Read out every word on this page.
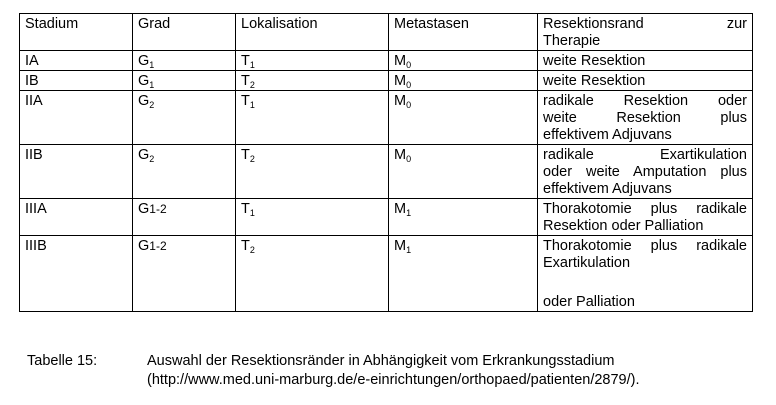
Stadium	Grad	Lokalisation	Metastasen	Resektionsrand zur
Therapie

IA	$G_1$	$T_1$	$M_0$	weite Resektion

IB	$G_1$	$T_2$	$M_0$	weite Resektion

IIA	$G_2$	$T_1$	$M_0$	radikale Resektion oder
weite Resektion plus
effektivem Adjuvans

IIB	$G_2$	$T_2$	$M_0$	radikale Exartikulation
oder weite Amputation plus
effektivem Adjuvans

IIIA	G1-2	$T_1$	$M_1$	Thorakotomie plus radikale
Resektion oder Palliation

IIIB	G1-2	$T_2$	$M_1$	Thorakotomie plus radikale
Exartikulation
oder Palliation
Tabelle 15:	Auswahl der Resektionsränder in Abhängigkeit vom Erkrankungsstadium
(http://www.med.uni-marburg.de/e-einrichtungen/orthopaed/patienten/2879/).
